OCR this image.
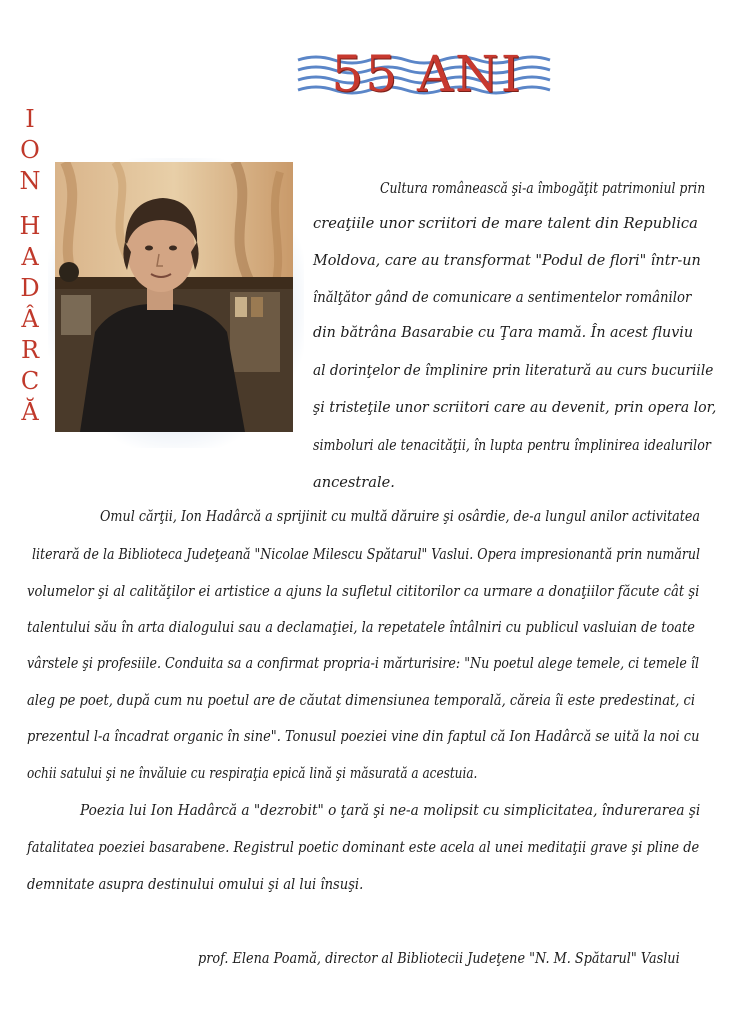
55 ANI
I
O
N
H
A
D
Â
R
C
Ă
Cultura românească şi-a îmbogăţit patrimoniul prin
creaţiile unor scriitori de mare talent din Republica
Moldova, care au transformat "Podul de flori" într-un
înălţător gând de comunicare a sentimentelor românilor
din bătrâna Basarabie cu Ţara mamă. În acest fluviu
al dorinţelor de împlinire prin literatură au curs bucuriile
şi tristeţile unor scriitori care au devenit, prin opera lor,
simboluri ale tenacităţii, în lupta pentru împlinirea idealurilor
ancestrale.
Omul cărţii, Ion Hadârcă a sprijinit cu multă dăruire şi osârdie, de-a lungul anilor activitatea
literară de la Biblioteca Judeţeană "Nicolae Milescu Spătarul" Vaslui. Opera impresionantă prin numărul
volumelor şi al calităţilor ei artistice a ajuns la sufletul cititorilor ca urmare a donaţiilor făcute cât şi
talentului său în arta dialogului sau a declamaţiei, la repetatele întâlniri cu publicul vasluian de toate
vârstele şi profesiile. Conduita sa a confirmat propria-i mărturisire: "Nu poetul alege temele, ci temele îl
aleg pe poet, după cum nu poetul are de căutat dimensiunea temporală, căreia îi este predestinat, ci
prezentul l-a încadrat organic în sine". Tonusul poeziei vine din faptul că Ion Hadârcă se uită la noi cu
ochii satului şi ne învăluie cu respiraţia epică lină şi măsurată a acestuia.
Poezia lui Ion Hadârcă a "dezrobit" o ţară şi ne-a molipsit cu simplicitatea, îndurerarea şi
fatalitatea poeziei basarabene. Registrul poetic dominant este acela al unei meditaţii grave şi pline de
demnitate asupra destinului omului şi al lui însuşi.
prof. Elena Poamă, director al Bibliotecii Judeţene "N. M. Spătarul" Vaslui
